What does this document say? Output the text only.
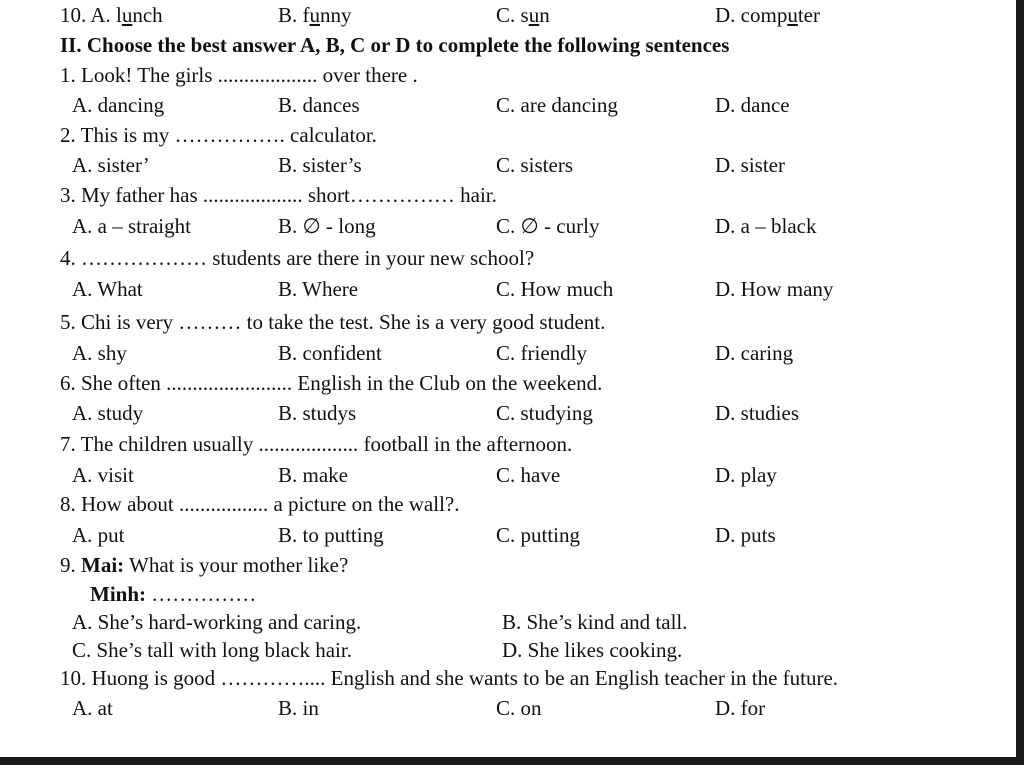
10. A. lunch	B. funny	C. sun	D. computer
II. Choose the best answer A, B, C or D to complete the following sentences
1. Look! The girls ................... over there .
A. dancing	B. dances	C. are dancing	D. dance
2. This is my ……………. calculator.
A. sister’	B. sister’s	C. sisters	D. sister
3. My father has ................... short…………… hair.
A. a – straight	B. ∅ - long	C. ∅ - curly	D. a – black
4. ……………… students are there in your new school?
A. What	B. Where	C. How much	D. How many
5. Chi is very ……… to take the test. She is a very good student.
A. shy	B. confident	C. friendly	D. caring
6. She often ........................ English in the Club on the weekend.
A. study	B. studys	C. studying	D. studies
7. The children usually ................... football in the afternoon.
A. visit	B. make	C. have	D. play
8. How about ................. a picture on the wall?.
A. put	B. to putting	C. putting	D. puts
9. Mai: What is your mother like?
Minh: ……………
A. She’s hard-working and caring.	B. She’s kind and tall.
C. She’s tall with long black hair.	D. She likes cooking.
10. Huong is good ………….... English and she wants to be an English teacher in the future.
A. at	B. in	C. on	D. for
